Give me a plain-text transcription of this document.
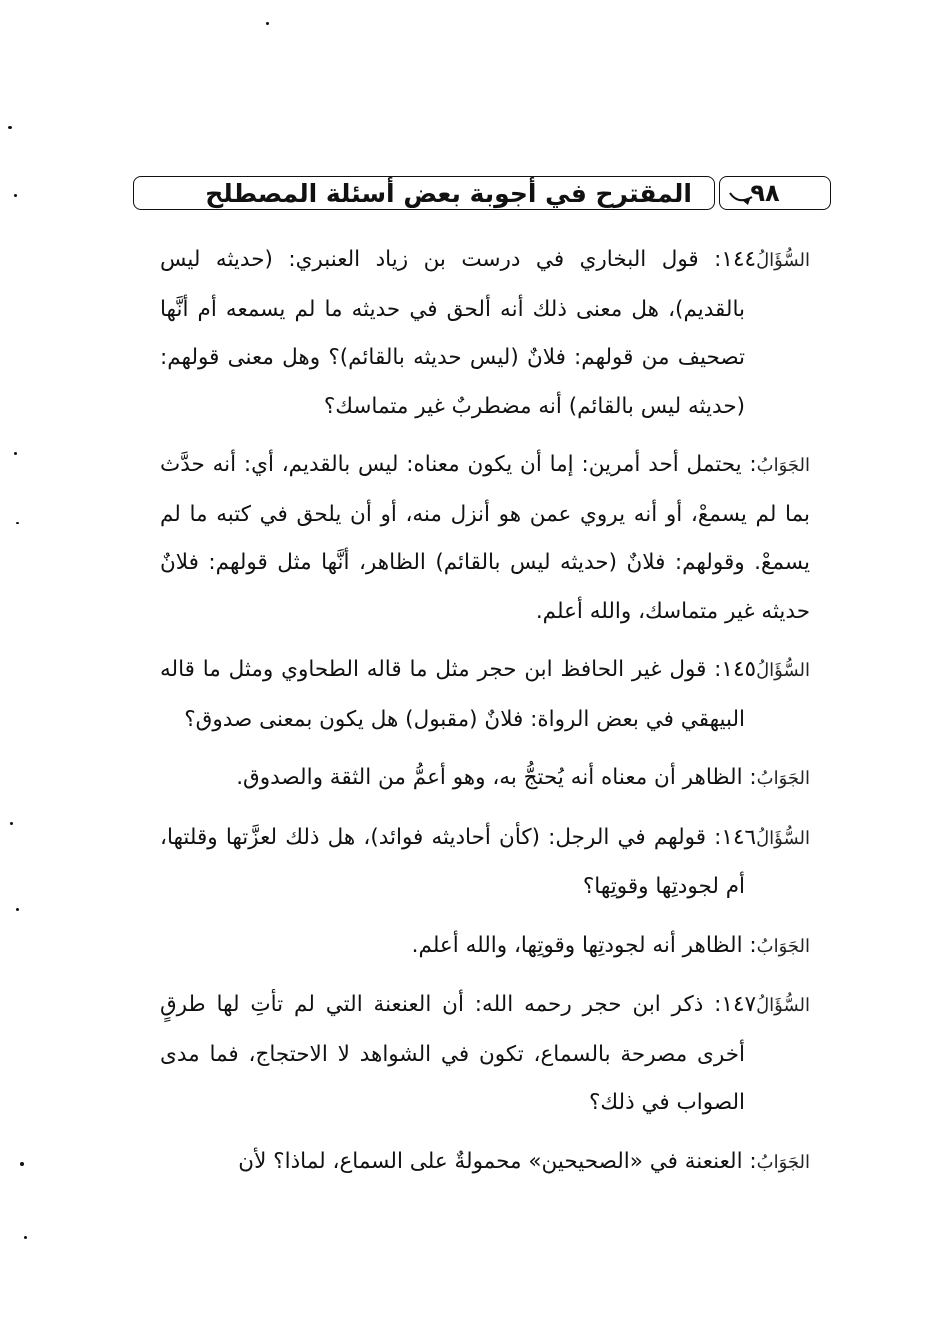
٩٨
المقترح في أجوبة بعض أسئلة المصطلح

السُّؤَالُ١٤٤: قول البخاري في درست بن زياد العنبري: (حديثه ليس بالقديم)، هل معنى ذلك أنه ألحق في حديثه ما لم يسمعه أم أنَّها تصحيف من قولهم: فلانٌ (ليس حديثه بالقائم)؟ وهل معنى قولهم: (حديثه ليس بالقائم) أنه مضطربٌ غير متماسك؟

الجَوَابُ: يحتمل أحد أمرين: إما أن يكون معناه: ليس بالقديم، أي: أنه حدَّث بما لم يسمعْ، أو أنه يروي عمن هو أنزل منه، أو أن يلحق في كتبه ما لم يسمعْ. وقولهم: فلانٌ (حديثه ليس بالقائم) الظاهر، أنَّها مثل قولهم: فلانٌ حديثه غير متماسك، والله أعلم.

السُّؤَالُ١٤٥: قول غير الحافظ ابن حجر مثل ما قاله الطحاوي ومثل ما قاله البيهقي في بعض الرواة: فلانٌ (مقبول) هل يكون بمعنى صدوق؟

الجَوَابُ: الظاهر أن معناه أنه يُحتجُّ به، وهو أعمُّ من الثقة والصدوق.

السُّؤَالُ١٤٦: قولهم في الرجل: (كأن أحاديثه فوائد)، هل ذلك لعزَّتها وقلتها، أم لجودتِها وقوتِها؟

الجَوَابُ: الظاهر أنه لجودتِها وقوتِها، والله أعلم.

السُّؤَالُ١٤٧: ذكر ابن حجر رحمه الله: أن العنعنة التي لم تأتِ لها طرقٍ أخرى مصرحة بالسماع، تكون في الشواهد لا الاحتجاج، فما مدى الصواب في ذلك؟

الجَوَابُ: العنعنة في «الصحيحين» محمولةٌ على السماع، لماذا؟ لأن
